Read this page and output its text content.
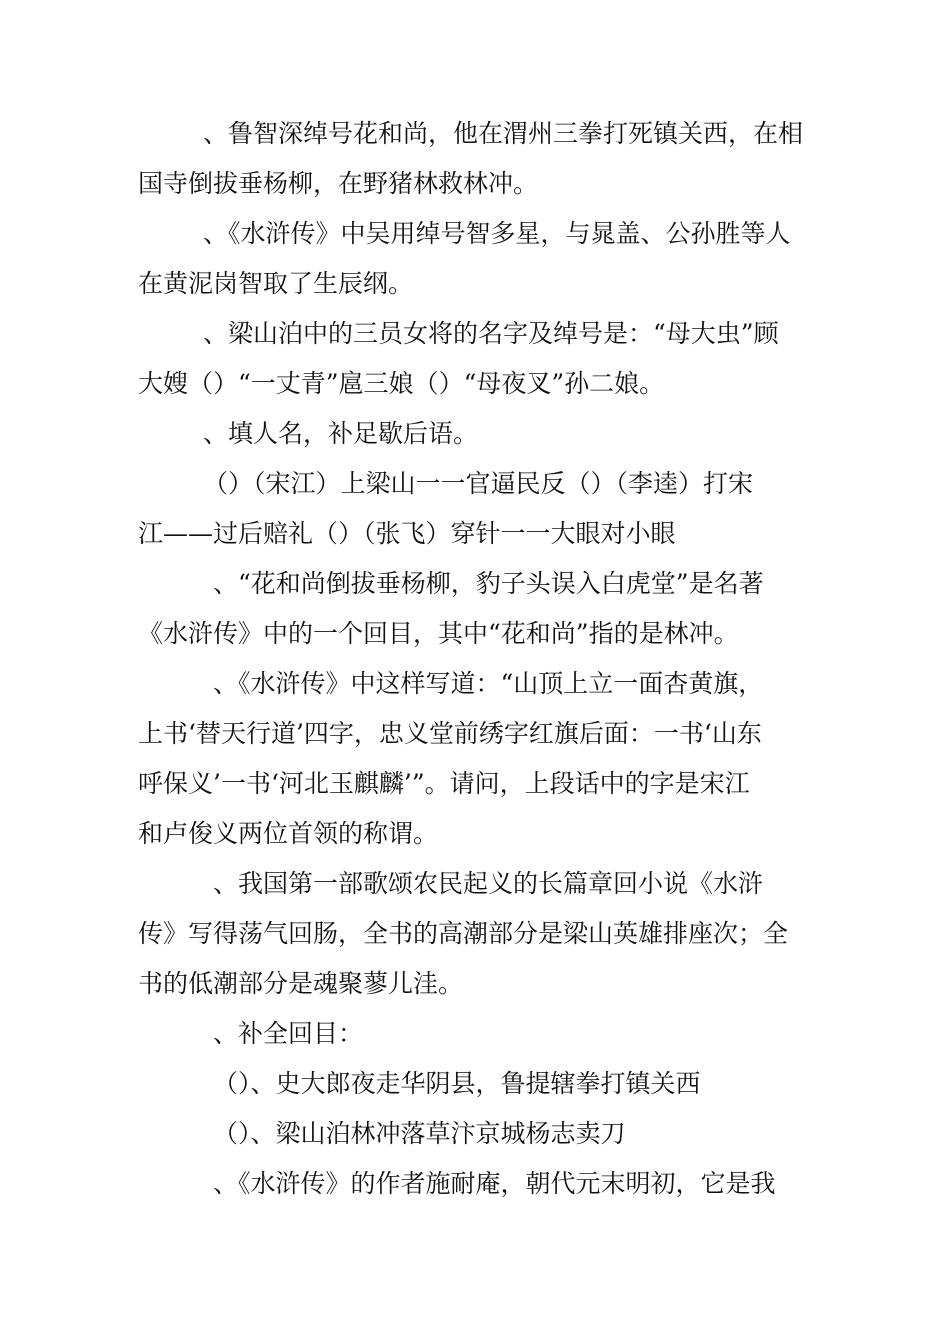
、鲁智深绰号花和尚，他在渭州三拳打死镇关西，在相
国寺倒拔垂杨柳，在野猪林救林冲。
、《水浒传》中吴用绰号智多星，与晁盖、公孙胜等人
在黄泥岗智取了生辰纲。
、梁山泊中的三员女将的名字及绰号是：“母大虫”顾
大嫂（）“一丈青”扈三娘（）“母夜叉”孙二娘。
、填人名，补足歇后语。
（）（宋江）上梁山一一官逼民反（）（李逵）打宋
江——过后赔礼（）（张飞）穿针一一大眼对小眼
、“花和尚倒拔垂杨柳，豹子头误入白虎堂”是名著
《水浒传》中的一个回目，其中“花和尚”指的是林冲。
、《水浒传》中这样写道：“山顶上立一面杏黄旗，
上书‘替天行道’四字，忠义堂前绣字红旗后面：一书‘山东
呼保义’一书‘河北玉麒麟’”。请问，上段话中的字是宋江
和卢俊义两位首领的称谓。
、我国第一部歌颂农民起义的长篇章回小说《水浒
传》写得荡气回肠，全书的高潮部分是梁山英雄排座次；全
书的低潮部分是魂聚蓼儿洼。
、补全回目：
（）、史大郎夜走华阴县，鲁提辖拳打镇关西
（）、梁山泊林冲落草汴京城杨志卖刀
、《水浒传》的作者施耐庵，朝代元末明初，它是我
